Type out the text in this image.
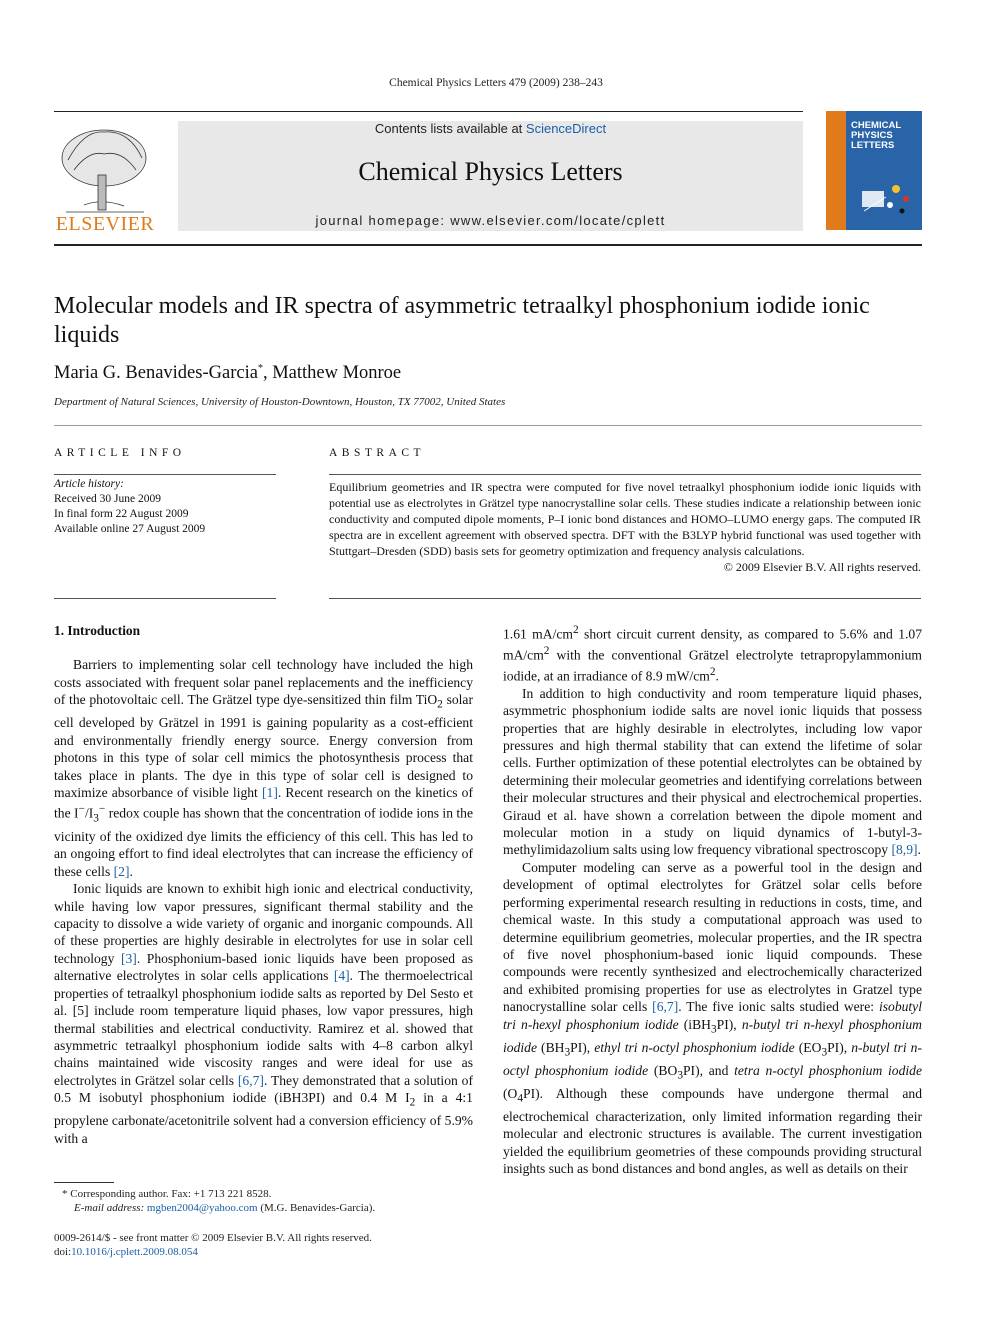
Chemical Physics Letters 479 (2009) 238–243
ELSEVIER
Contents lists available at ScienceDirect
Chemical Physics Letters
journal homepage: www.elsevier.com/locate/cplett
CHEMICAL
PHYSICS
LETTERS
Molecular models and IR spectra of asymmetric tetraalkyl phosphonium iodide ionic liquids
Maria G. Benavides-Garcia*, Matthew Monroe
Department of Natural Sciences, University of Houston-Downtown, Houston, TX 77002, United States
ARTICLE INFO
Article history:
Received 30 June 2009
In final form 22 August 2009
Available online 27 August 2009
ABSTRACT
Equilibrium geometries and IR spectra were computed for five novel tetraalkyl phosphonium iodide ionic liquids with potential use as electrolytes in Grätzel type nanocrystalline solar cells. These studies indicate a relationship between ionic conductivity and computed dipole moments, P–I ionic bond distances and HOMO–LUMO energy gaps. The computed IR spectra are in excellent agreement with observed spectra. DFT with the B3LYP hybrid functional was used together with Stuttgart–Dresden (SDD) basis sets for geometry optimization and frequency analysis calculations.
© 2009 Elsevier B.V. All rights reserved.
1. Introduction

Barriers to implementing solar cell technology have included the high costs associated with frequent solar panel replacements and the inefficiency of the photovoltaic cell. The Grätzel type dye-sensitized thin film TiO$_2$ solar cell developed by Grätzel in 1991 is gaining popularity as a cost-efficient and environmentally friendly energy source. Energy conversion from photons in this type of solar cell mimics the photosynthesis process that takes place in plants. The dye in this type of solar cell is designed to maximize absorbance of visible light [1]. Recent research on the kinetics of the $I^-/I_3^-$ redox couple has shown that the concentration of iodide ions in the vicinity of the oxidized dye limits the efficiency of this cell. This has led to an ongoing effort to find ideal electrolytes that can increase the efficiency of these cells [2].

Ionic liquids are known to exhibit high ionic and electrical conductivity, while having low vapor pressures, significant thermal stability and the capacity to dissolve a wide variety of organic and inorganic compounds. All of these properties are highly desirable in electrolytes for use in solar cell technology [3]. Phosphonium-based ionic liquids have been proposed as alternative electrolytes in solar cells applications [4]. The thermoelectrical properties of tetraalkyl phosphonium iodide salts as reported by Del Sesto et al. [5] include room temperature liquid phases, low vapor pressures, high thermal stabilities and electrical conductivity. Ramirez et al. showed that asymmetric tetraalkyl phosphonium iodide salts with 4–8 carbon alkyl chains maintained wide viscosity ranges and were ideal for use as electrolytes in Grätzel solar cells [6,7]. They demonstrated that a solution of 0.5 M isobutyl phosphonium iodide (iBH3PI) and 0.4 M $I_2$ in a 4:1 propylene carbonate/acetonitrile solvent had a conversion efficiency of 5.9% with a

1.61 $mA/cm^2$ short circuit current density, as compared to 5.6% and 1.07 $mA/cm^2$ with the conventional Grätzel electrolyte tetrapropylammonium iodide, at an irradiance of 8.9 $mW/cm^2$.

In addition to high conductivity and room temperature liquid phases, asymmetric phosphonium iodide salts are novel ionic liquids that possess properties that are highly desirable in electrolytes, including low vapor pressures and high thermal stability that can extend the lifetime of solar cells. Further optimization of these potential electrolytes can be obtained by determining their molecular geometries and identifying correlations between their molecular structures and their physical and electrochemical properties. Giraud et al. have shown a correlation between the dipole moment and molecular motion in a study on liquid dynamics of 1-butyl-3-methylimidazolium salts using low frequency vibrational spectroscopy [8,9].

Computer modeling can serve as a powerful tool in the design and development of optimal electrolytes for Grätzel solar cells before performing experimental research resulting in reductions in costs, time, and chemical waste. In this study a computational approach was used to determine equilibrium geometries, molecular properties, and the IR spectra of five novel phosphonium-based ionic liquid compounds. These compounds were recently synthesized and electrochemically characterized and exhibited promising properties for use as electrolytes in Gratzel type nanocrystalline solar cells [6,7]. The five ionic salts studied were: isobutyl tri n-hexyl phosphonium iodide (iBH$_3$PI), n-butyl tri n-hexyl phosphonium iodide $(BH_3PI)$, ethyl tri n-octyl phosphonium iodide $(EO_3PI)$, n-butyl tri n-octyl phosphonium iodide $(BO_3PI)$, and tetra n-octyl phosphonium iodide $(O_4PI)$. Although these compounds have undergone thermal and electrochemical characterization, only limited information regarding their molecular and electronic structures is available. The current investigation yielded the equilibrium geometries of these compounds providing structural insights such as bond distances and bond angles, as well as details on their

* Corresponding author. Fax: +1 713 221 8528.
E-mail address: mgben2004@yahoo.com (M.G. Benavides-Garcia).
0009-2614/$ - see front matter © 2009 Elsevier B.V. All rights reserved.
doi:10.1016/j.cplett.2009.08.054
